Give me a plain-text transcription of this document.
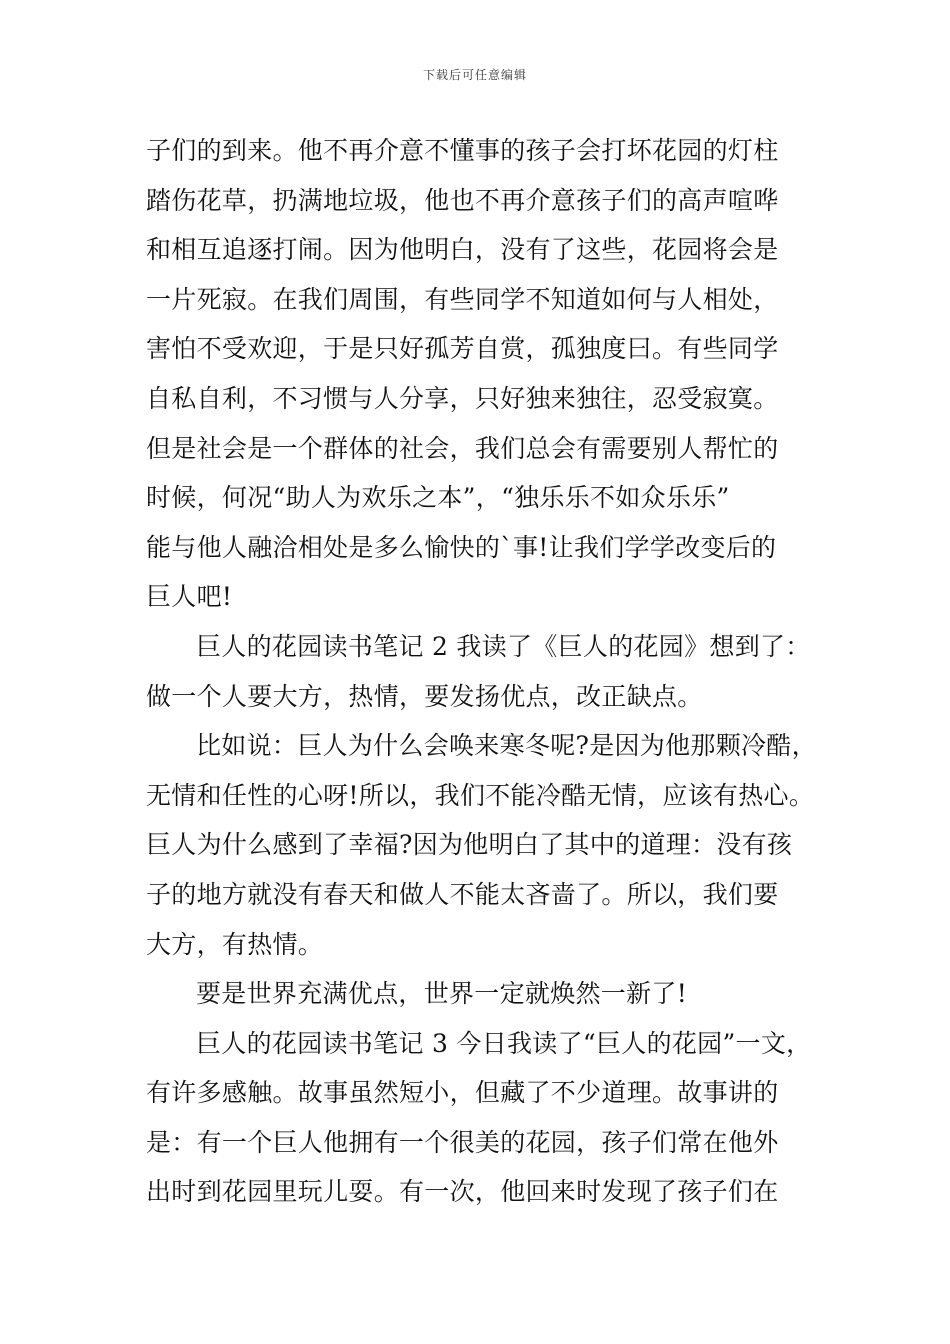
下载后可任意编辑
子们的到来。他不再介意不懂事的孩子会打坏花园的灯柱
踏伤花草，扔满地垃圾，他也不再介意孩子们的高声喧哗
和相互追逐打闹。因为他明白，没有了这些，花园将会是
一片死寂。在我们周围，有些同学不知道如何与人相处，
害怕不受欢迎，于是只好孤芳自赏，孤独度曰。有些同学
自私自利，不习惯与人分享，只好独来独往，忍受寂寞。
但是社会是一个群体的社会，我们总会有需要别人帮忙的
时候，何况“助人为欢乐之本”，“独乐乐不如众乐乐”
能与他人融洽相处是多么愉快的`事!让我们学学改变后的
巨人吧!
巨人的花园读书笔记 2 我读了《巨人的花园》想到了：
做一个人要大方，热情，要发扬优点，改正缺点。
比如说：巨人为什么会唤来寒冬呢?是因为他那颗冷酷，
无情和任性的心呀!所以，我们不能冷酷无情，应该有热心。
巨人为什么感到了幸福?因为他明白了其中的道理：没有孩
子的地方就没有春天和做人不能太吝啬了。所以，我们要
大方，有热情。
要是世界充满优点，世界一定就焕然一新了!
巨人的花园读书笔记 3 今日我读了“巨人的花园”一文，
有许多感触。故事虽然短小，但藏了不少道理。故事讲的
是：有一个巨人他拥有一个很美的花园，孩子们常在他外
出时到花园里玩儿耍。有一次，他回来时发现了孩子们在
